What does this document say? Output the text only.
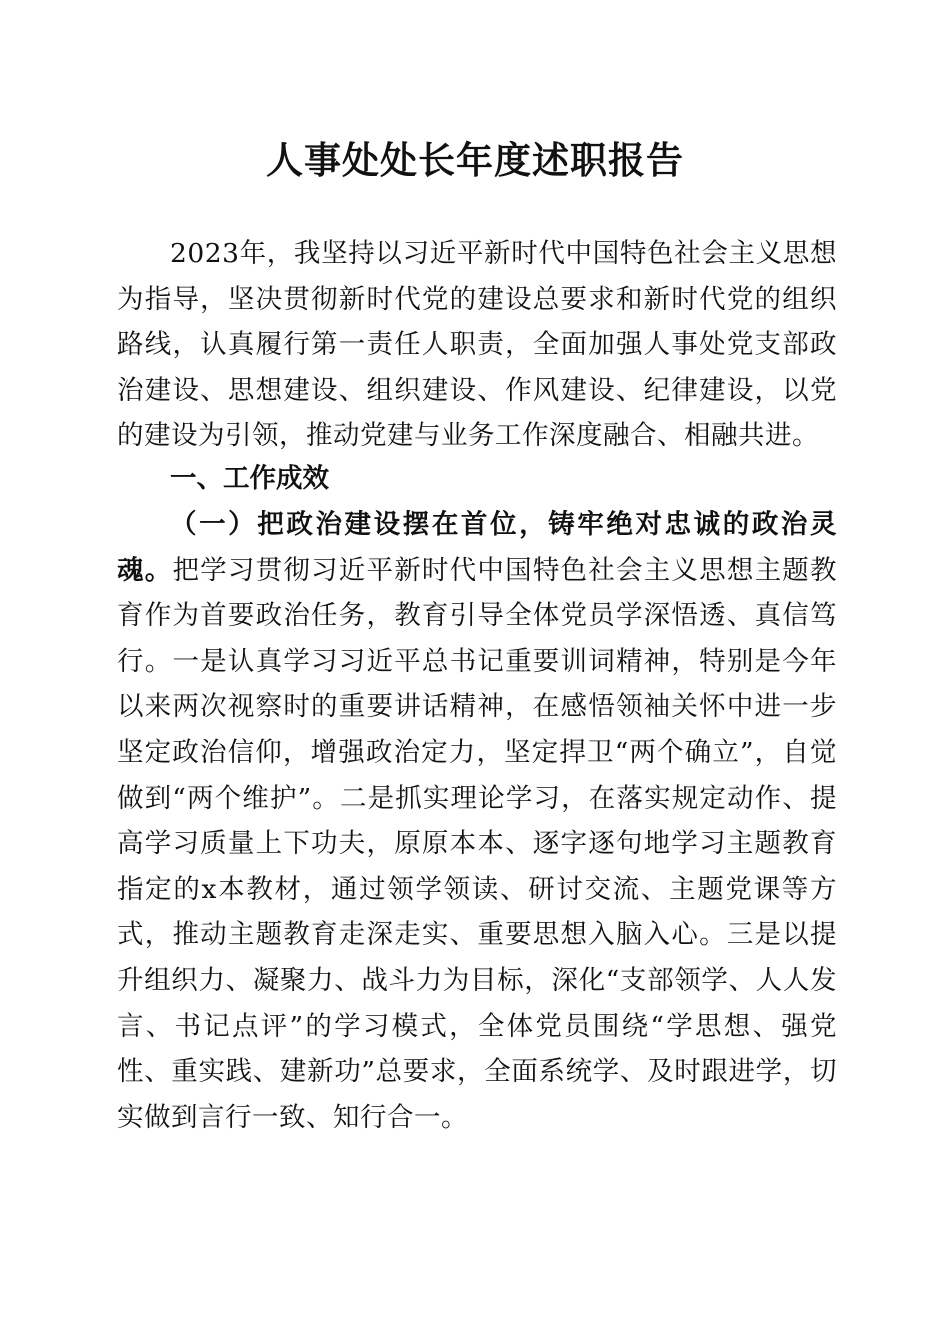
人事处处长年度述职报告

2023年，我坚持以习近平新时代中国特色社会主义思想为指导，坚决贯彻新时代党的建设总要求和新时代党的组织路线，认真履行第一责任人职责，全面加强人事处党支部政治建设、思想建设、组织建设、作风建设、纪律建设，以党的建设为引领，推动党建与业务工作深度融合、相融共进。

一、工作成效

（一）把政治建设摆在首位，铸牢绝对忠诚的政治灵魂。把学习贯彻习近平新时代中国特色社会主义思想主题教育作为首要政治任务，教育引导全体党员学深悟透、真信笃行。一是认真学习习近平总书记重要训词精神，特别是今年以来两次视察时的重要讲话精神，在感悟领袖关怀中进一步坚定政治信仰，增强政治定力，坚定捍卫“两个确立”，自觉做到“两个维护”。二是抓实理论学习，在落实规定动作、提高学习质量上下功夫，原原本本、逐字逐句地学习主题教育指定的x本教材，通过领学领读、研讨交流、主题党课等方式，推动主题教育走深走实、重要思想入脑入心。三是以提升组织力、凝聚力、战斗力为目标，深化“支部领学、人人发言、书记点评”的学习模式，全体党员围绕“学思想、强党性、重实践、建新功”总要求，全面系统学、及时跟进学，切实做到言行一致、知行合一。
